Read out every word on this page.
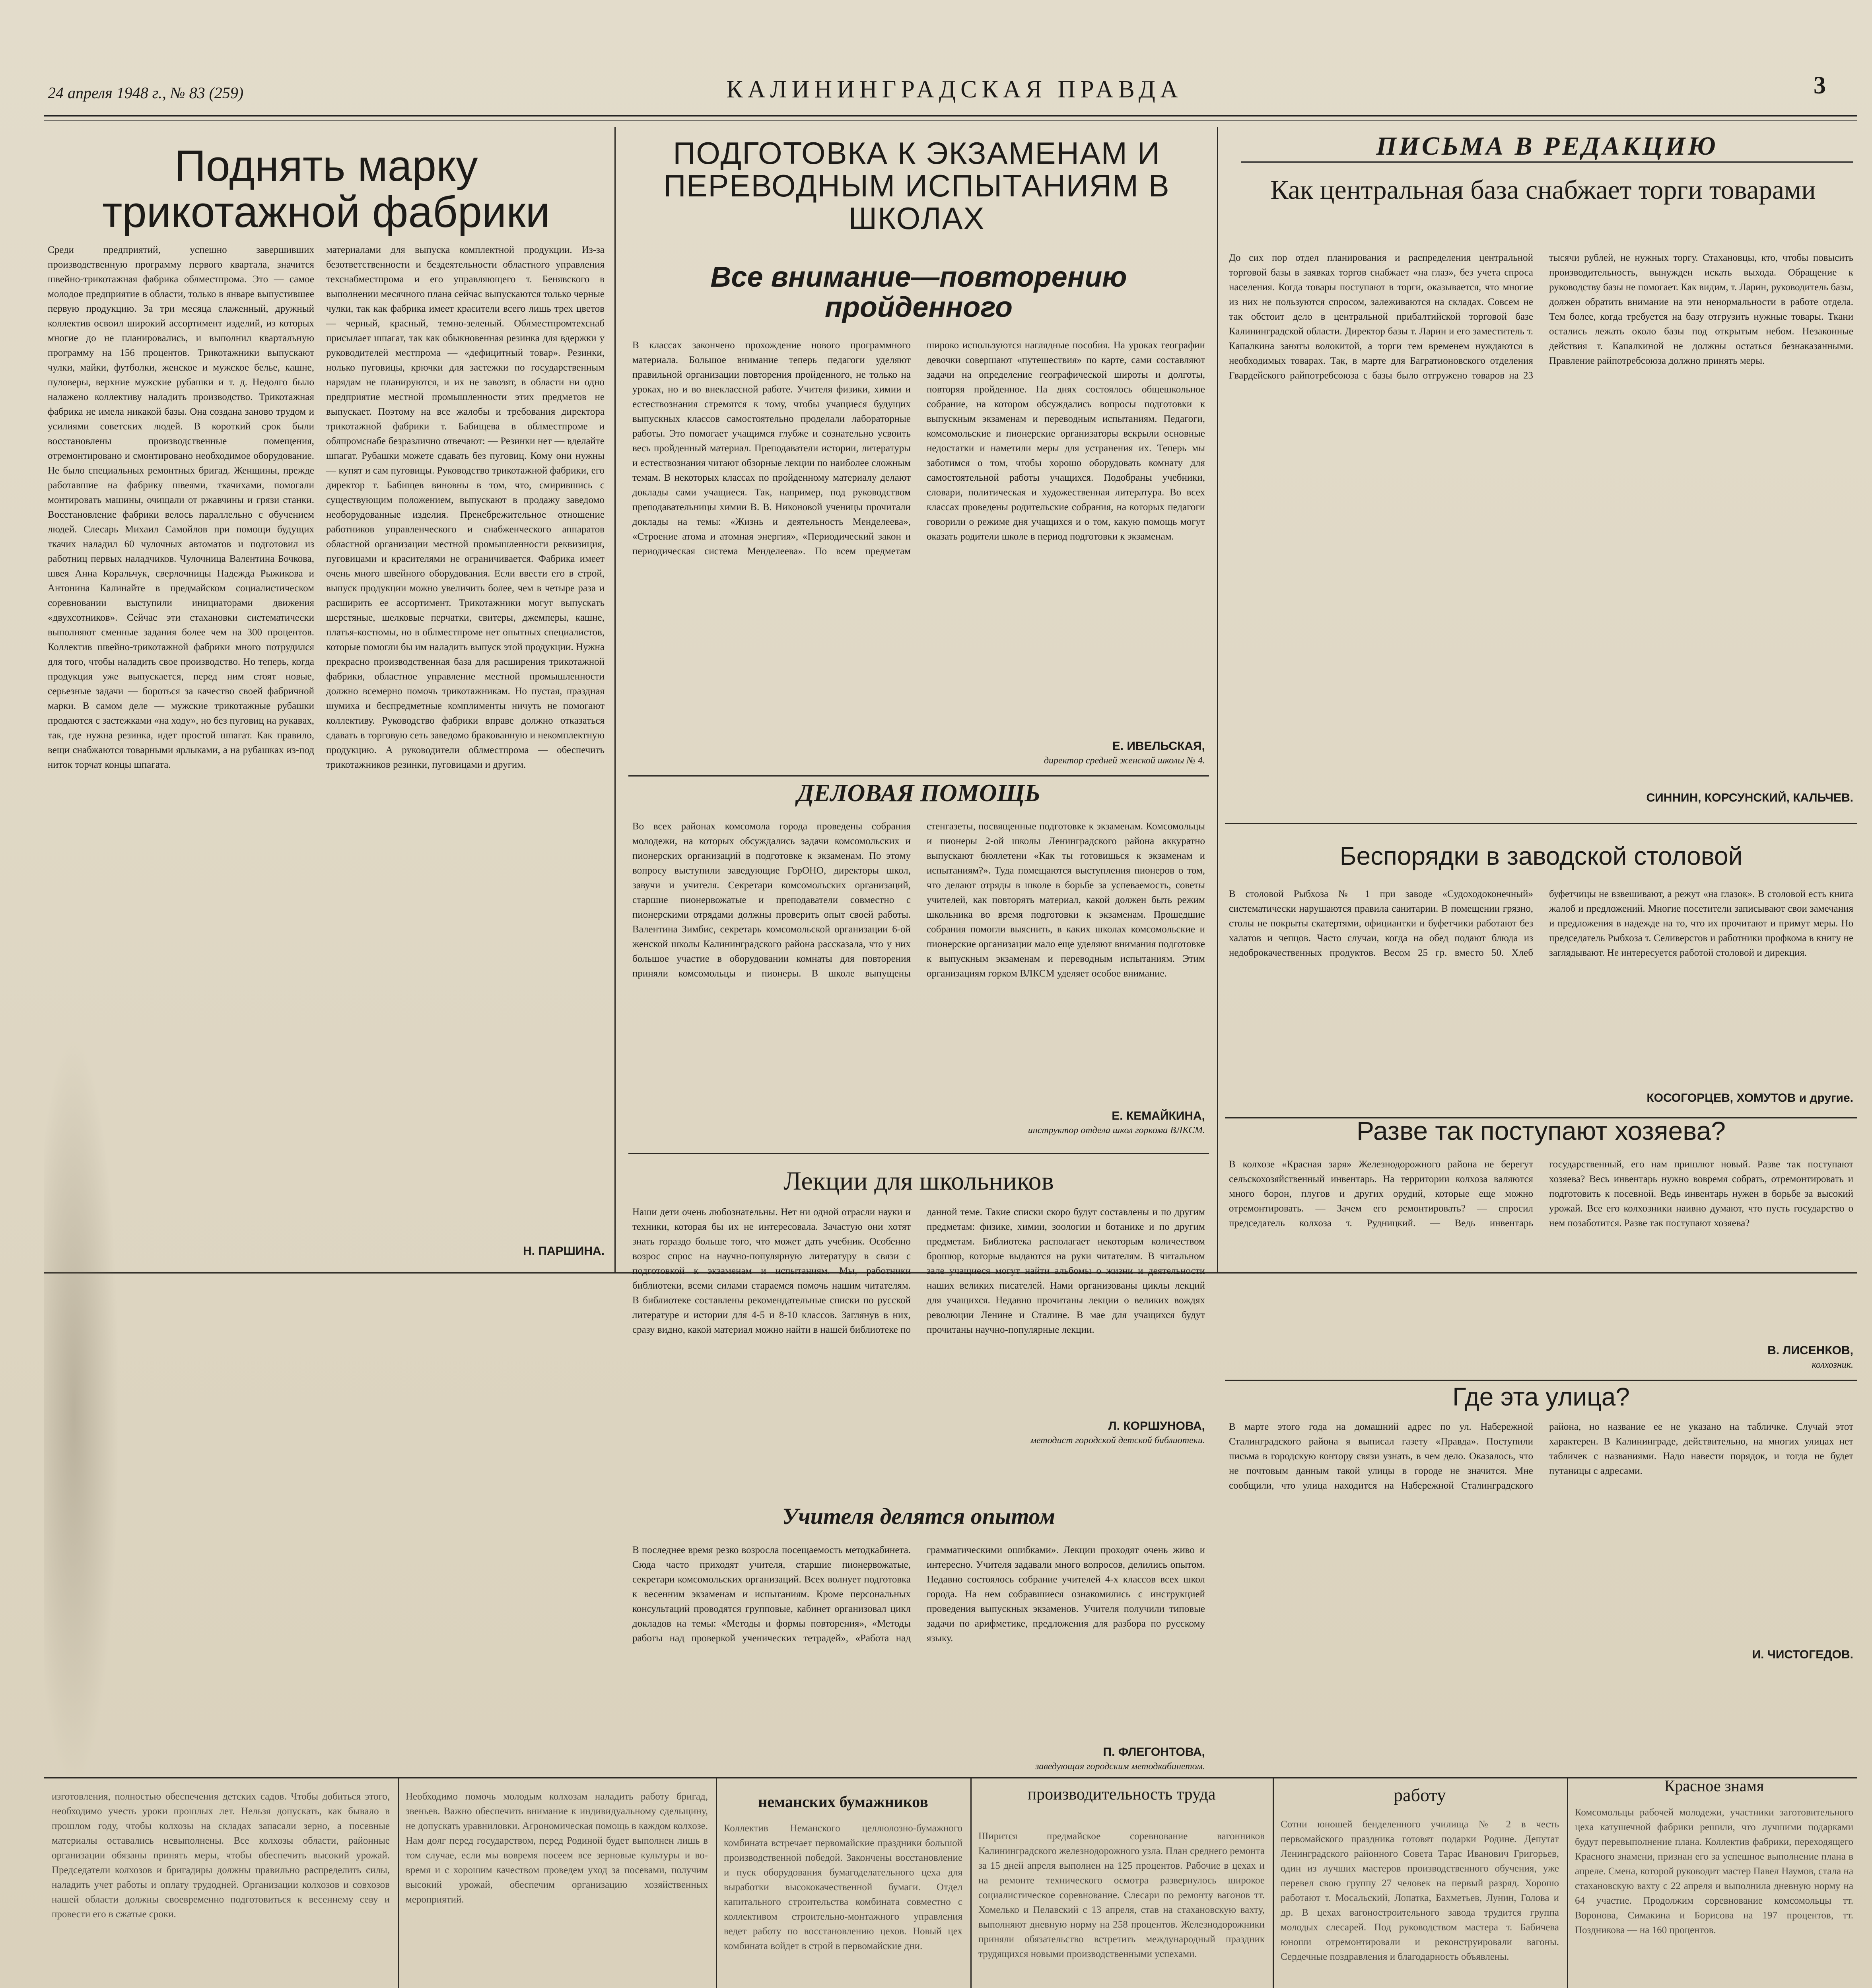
24 апреля 1948 г., № 83 (259)	КАЛИНИНГРАДСКАЯ ПРАВДА	3
Поднять марку трикотажной фабрики
Среди предприятий, успешно завершивших производственную программу первого квартала, значится швейно-трикотажная фабрика облместпрома. Это — самое молодое предприятие в области, только в январе выпустившее первую продукцию. За три месяца слаженный, дружный коллектив освоил широкий ассортимент изделий, из которых многие до не планировались, и выполнил квартальную программу на 156 процентов. Трикотажники выпускают чулки, майки, футболки, женское и мужское белье, кашне, пуловеры, верхние мужские рубашки и т. д. Недолго было налажено коллективу наладить производство. Трикотажная фабрика не имела никакой базы. Она создана заново трудом и усилиями советских людей. В короткий срок были восстановлены производственные помещения, отремонтировано и смонтировано необходимое оборудование. Не было специальных ремонтных бригад. Женщины, прежде работавшие на фабрику швеями, ткачихами, помогали монтировать машины, очищали от ржавчины и грязи станки. Восстановление фабрики велось параллельно с обучением людей. Слесарь Михаил Самойлов при помощи будущих ткачих наладил 60 чулочных автоматов и подготовил из работниц первых наладчиков. Чулочница Валентина Бочкова, швея Анна Коральчук, сверлочницы Надежда Рыжикова и Антонина Калинайте в предмайском социалистическом соревновании выступили инициаторами движения «двухсотников». Сейчас эти стахановки систематически выполняют сменные задания более чем на 300 процентов. Коллектив швейно-трикотажной фабрики много потрудился для того, чтобы наладить свое производство. Но теперь, когда продукция уже выпускается, перед ним стоят новые, серьезные задачи — бороться за качество своей фабричной марки. В самом деле — мужские трикотажные рубашки продаются с застежками «на ходу», но без пуговиц на рукавах, так, где нужна резинка, идет простой шпагат. Как правило, вещи снабжаются товарными ярлыками, а на рубашках из-под ниток торчат концы шпагата.
материалами для выпуска комплектной продукции. Из-за безответственности и бездеятельности областного управления техснабместпрома и его управляющего т. Бенявского в выполнении месячного плана сейчас выпускаются только черные чулки, так как фабрика имеет красители всего лишь трех цветов — черный, красный, темно-зеленый. Облместпромтехснаб присылает шпагат, так как обыкновенная резинка для вдержки у руководителей местпрома — «дефицитный товар». Резинки, нолько пуговицы, крючки для застежки по государственным нарядам не планируются, и их не завозят, в области ни одно предприятие местной промышленности этих предметов не выпускает. Поэтому на все жалобы и требования директора трикотажной фабрики т. Бабищева в облместпроме и облпромснабе безразлично отвечают: — Резинки нет — вделайте шпагат. Рубашки можете сдавать без пуговиц. Кому они нужны — купят и сам пуговицы. Руководство трикотажной фабрики, его директор т. Бабищев виновны в том, что, смирившись с существующим положением, выпускают в продажу заведомо необорудованные изделия. Пренебрежительное отношение работников управленческого и снабженческого аппаратов областной организации местной промышленности реквизиция, пуговицами и красителями не ограничивается. Фабрика имеет очень много швейного оборудования. Если ввести его в строй, выпуск продукции можно увеличить более, чем в четыре раза и расширить ее ассортимент. Трикотажники могут выпускать шерстяные, шелковые перчатки, свитеры, джемперы, кашне, платья-костюмы, но в облместпроме нет опытных специалистов, которые помогли бы им наладить выпуск этой продукции. Нужна прекрасно производственная база для расширения трикотажной фабрики, областное управление местной промышленности должно всемерно помочь трикотажникам. Но пустая, праздная шумиха и беспредметные комплименты ничуть не помогают коллективу. Руководство фабрики вправе должно отказаться сдавать в торговую сеть заведомо бракованную и некомплектную продукцию. А руководители облместпрома — обеспечить трикотажников резинки, пуговицами и другим.
Н. ПАРШИНА.
ПОДГОТОВКА К ЭКЗАМЕНАМ И ПЕРЕВОДНЫМ ИСПЫТАНИЯМ В ШКОЛАХ
Все внимание—повторению пройденного
В классах закончено прохождение нового программного материала. Большое внимание теперь педагоги уделяют правильной организации повторения пройденного, не только на уроках, но и во внеклассной работе. Учителя физики, химии и естествознания стремятся к тому, чтобы учащиеся будущих выпускных классов самостоятельно проделали лабораторные работы. Это помогает учащимся глубже и сознательно усвоить весь пройденный материал. Преподаватели истории, литературы и естествознания читают обзорные лекции по наиболее сложным темам. В некоторых классах по пройденному материалу делают доклады сами учащиеся. Так, например, под руководством преподавательницы химии В. В. Никоновой ученицы прочитали доклады на темы: «Жизнь и деятельность Менделеева», «Строение атома и атомная энергия», «Периодический закон и периодическая система Менделеева». По всем предметам широко используются наглядные пособия. На уроках географии девочки совершают «путешествия» по карте, сами составляют задачи на определение географической широты и долготы, повторяя пройденное. На днях состоялось общешкольное собрание, на котором обсуждались вопросы подготовки к выпускным экзаменам и переводным испытаниям. Педагоги, комсомольские и пионерские организаторы вскрыли основные недостатки и наметили меры для устранения их. Теперь мы заботимся о том, чтобы хорошо оборудовать комнату для самостоятельной работы учащихся. Подобраны учебники, словари, политическая и художественная литература. Во всех классах проведены родительские собрания, на которых педагоги говорили о режиме дня учащихся и о том, какую помощь могут оказать родители школе в период подготовки к экзаменам.
Е. ИВЕЛЬСКАЯ,
директор средней женской школы № 4.
ДЕЛОВАЯ ПОМОЩЬ
Во всех районах комсомола города проведены собрания молодежи, на которых обсуждались задачи комсомольских и пионерских организаций в подготовке к экзаменам. По этому вопросу выступили заведующие ГорОНО, директоры школ, завучи и учителя. Секретари комсомольских организаций, старшие пионервожатые и преподаватели совместно с пионерскими отрядами должны проверить опыт своей работы. Валентина Зимбис, секретарь комсомольской организации 6-ой женской школы Калининградского района рассказала, что у них большое участие в оборудовании комнаты для повторения приняли комсомольцы и пионеры. В школе выпущены стенгазеты, посвященные подготовке к экзаменам. Комсомольцы и пионеры 2-ой школы Ленинградского района аккуратно выпускают бюллетени «Как ты готовишься к экзаменам и испытаниям?». Туда помещаются выступления пионеров о том, что делают отряды в школе в борьбе за успеваемость, советы учителей, как повторять материал, какой должен быть режим школьника во время подготовки к экзаменам. Прошедшие собрания помогли выяснить, в каких школах комсомольские и пионерские организации мало еще уделяют внимания подготовке к выпускным экзаменам и переводным испытаниям. Этим организациям горком ВЛКСМ уделяет особое внимание.
Е. КЕМАЙКИНА,
инструктор отдела школ горкома ВЛКСМ.
Лекции для школьников
Наши дети очень любознательны. Нет ни одной отрасли науки и техники, которая бы их не интересовала. Зачастую они хотят знать гораздо больше того, что может дать учебник. Особенно возрос спрос на научно-популярную литературу в связи с подготовкой к экзаменам и испытаниям. Мы, работники библиотеки, всеми силами стараемся помочь нашим читателям. В библиотеке составлены рекомендательные списки по русской литературе и истории для 4-5 и 8-10 классов. Заглянув в них, сразу видно, какой материал можно найти в нашей библиотеке по данной теме. Такие списки скоро будут составлены и по другим предметам: физике, химии, зоологии и ботанике и по другим предметам. Библиотека располагает некоторым количеством брошюр, которые выдаются на руки читателям. В читальном зале учащиеся могут найти альбомы о жизни и деятельности наших великих писателей. Нами организованы циклы лекций для учащихся. Недавно прочитаны лекции о великих вождях революции Ленине и Сталине. В мае для учащихся будут прочитаны научно-популярные лекции.
Л. КОРШУНОВА,
методист городской детской библиотеки.
Учителя делятся опытом
В последнее время резко возросла посещаемость методкабинета. Сюда часто приходят учителя, старшие пионервожатые, секретари комсомольских организаций. Всех волнует подготовка к весенним экзаменам и испытаниям. Кроме персональных консультаций проводятся групповые, кабинет организовал цикл докладов на темы: «Методы и формы повторения», «Методы работы над проверкой ученических тетрадей», «Работа над грамматическими ошибками». Лекции проходят очень живо и интересно. Учителя задавали много вопросов, делились опытом. Недавно состоялось собрание учителей 4-х классов всех школ города. На нем собравшиеся ознакомились с инструкцией проведения выпускных экзаменов. Учителя получили типовые задачи по арифметике, предложения для разбора по русскому языку.
П. ФЛЕГОНТОВА,
заведующая городским методкабинетом.
ПИСЬМА В РЕДАКЦИЮ
Как центральная база снабжает торги товарами
До сих пор отдел планирования и распределения центральной торговой базы в заявках торгов снабжает «на глаз», без учета спроса населения. Когда товары поступают в торги, оказывается, что многие из них не пользуются спросом, залеживаются на складах. Совсем не так обстоит дело в центральной прибалтийской торговой базе Калининградской области. Директор базы т. Ларин и его заместитель т. Капалкина заняты волокитой, а торги тем временем нуждаются в необходимых товарах. Так, в марте для Багратионовского отделения Гвардейского райпотребсоюза с базы было отгружено товаров на 23 тысячи рублей, не нужных торгу. Стахановцы, кто, чтобы повысить производительность, вынужден искать выхода. Обращение к руководству базы не помогает. Как видим, т. Ларин, руководитель базы, должен обратить внимание на эти ненормальности в работе отдела. Тем более, когда требуется на базу отгрузить нужные товары. Ткани остались лежать около базы под открытым небом. Незаконные действия т. Капалкиной не должны остаться безнаказанными. Правление райпотребсоюза должно принять меры.
СИННИН, КОРСУНСКИЙ, КАЛЬЧЕВ.
Беспорядки в заводской столовой
В столовой Рыбхоза № 1 при заводе «Судоходоконечный» систематически нарушаются правила санитарии. В помещении грязно, столы не покрыты скатертями, официантки и буфетчики работают без халатов и чепцов. Часто случаи, когда на обед подают блюда из недоброкачественных продуктов. Весом 25 гр. вместо 50. Хлеб буфетчицы не взвешивают, а режут «на глазок». В столовой есть книга жалоб и предложений. Многие посетители записывают свои замечания и предложения в надежде на то, что их прочитают и примут меры. Но председатель Рыбхоза т. Селиверстов и работники профкома в книгу не заглядывают. Не интересуется работой столовой и дирекция.
КОСОГОРЦЕВ, ХОМУТОВ и другие.
Разве так поступают хозяева?
В колхозе «Красная заря» Железнодорожного района не берегут сельскохозяйственный инвентарь. На территории колхоза валяются много борон, плугов и других орудий, которые еще можно отремонтировать. — Зачем его ремонтировать? — спросил председатель колхоза т. Рудницкий. — Ведь инвентарь государственный, его нам пришлют новый. Разве так поступают хозяева? Весь инвентарь нужно вовремя собрать, отремонтировать и подготовить к посевной. Ведь инвентарь нужен в борьбе за высокий урожай. Все его колхозники наивно думают, что пусть государство о нем позаботится. Разве так поступают хозяева?
В. ЛИСЕНКОВ,
колхозник.
Где эта улица?
В марте этого года на домашний адрес по ул. Набережной Сталинградского района я выписал газету «Правда». Поступили письма в городскую контору связи узнать, в чем дело. Оказалось, что не почтовым данным такой улицы в городе не значится. Мне сообщили, что улица находится на Набережной Сталинградского района, но название ее не указано на табличке. Случай этот характерен. В Калининграде, действительно, на многих улицах нет табличек с названиями. Надо навести порядок, и тогда не будет путаницы с адресами.
И. ЧИСТОГЕДОВ.
изготовления, полностью обеспечения детских садов. Чтобы добиться этого, необходимо учесть уроки прошлых лет. Нельзя допускать, как бывало в прошлом году, чтобы колхозы на складах запасали зерно, а посевные материалы оставались невыполнены. Все колхозы области, районные организации обязаны принять меры, чтобы обеспечить высокий урожай. Председатели колхозов и бригадиры должны правильно распределить силы, наладить учет работы и оплату трудодней. Организации колхозов и совхозов нашей области должны своевременно подготовиться к весеннему севу и провести его в сжатые сроки.
Необходимо помочь молодым колхозам наладить работу бригад, звеньев. Важно обеспечить внимание к индивидуальному сдельщину, не допускать уравниловки. Агрономическая помощь в каждом колхозе. Нам долг перед государством, перед Родиной будет выполнен лишь в том случае, если мы вовремя посеем все зерновые культуры и во-время и с хорошим качеством проведем уход за посевами, получим высокий урожай, обеспечим организацию хозяйственных мероприятий.
неманских бумажников
Коллектив Неманского целлюлозно-бумажного комбината встречает первомайские праздники большой производственной победой. Закончены восстановление и пуск оборудования бумагоделательного цеха для выработки высококачественной бумаги. Отдел капитального строительства комбината совместно с коллективом строительно-монтажного управления ведет работу по восстановлению цехов. Новый цех комбината войдет в строй в первомайские дни.
производительность труда
Ширится предмайское соревнование вагонников Калининградского железнодорожного узла. План среднего ремонта за 15 дней апреля выполнен на 125 процентов. Рабочие в цехах и на ремонте технического осмотра развернулось широкое социалистическое соревнование. Слесари по ремонту вагонов тт. Хомелько и Пелавский с 13 апреля, став на стахановскую вахту, выполняют дневную норму на 258 процентов. Железнодорожники приняли обязательство встретить международный праздник трудящихся новыми производственными успехами.
работу
Сотни юношей бенделенного училища № 2 в честь первомайского праздника готовят подарки Родине. Депутат Ленинградского районного Совета Тарас Иванович Григорьев, один из лучших мастеров производственного обучения, уже перевел свою группу 27 человек на первый разряд. Хорошо работают т. Мосальский, Лопатка, Бахметьев, Лунин, Голова и др. В цехах вагоностроительного завода трудится группа молодых слесарей. Под руководством мастера т. Бабичева юноши отремонтировали и реконструировали вагоны. Сердечные поздравления и благодарность объявлены.
Красное знамя
Комсомольцы рабочей молодежи, участники заготовительного цеха катушечной фабрики решили, что лучшими подарками будут перевыполнение плана. Коллектив фабрики, переходящего Красного знамени, признан его за успешное выполнение плана в апреле. Смена, которой руководит мастер Павел Наумов, стала на стахановскую вахту с 22 апреля и выполнила дневную норму на 64 участие. Продолжим соревнование комсомольцы тт. Воронова, Симакина и Борисова на 197 процентов, тт. Поздникова — на 160 процентов.
